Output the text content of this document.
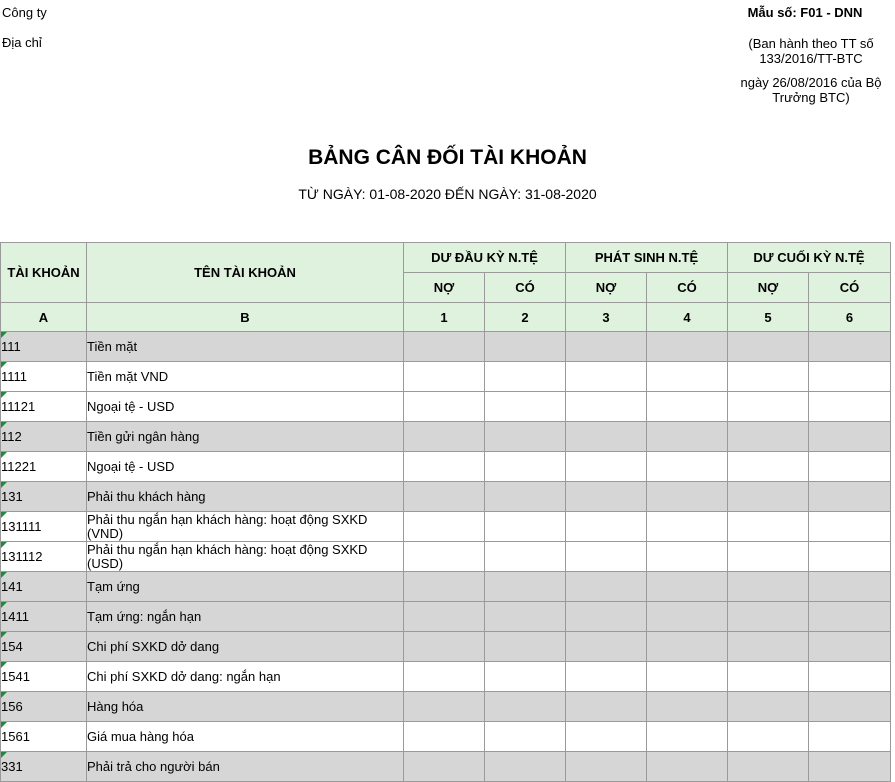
Công ty
Địa chỉ
Mẫu số: F01 - DNN
(Ban hành theo TT số 133/2016/TT-BTC
ngày 26/08/2016 của Bộ Trưởng BTC)
BẢNG CÂN ĐỐI TÀI KHOẢN
TỪ NGÀY: 01-08-2020 ĐẾN NGÀY: 31-08-2020
TÀI KHOẢN	TÊN TÀI KHOẢN	DƯ ĐẦU KỲ N.TỆ		PHÁT SINH N.TỆ		DƯ CUỐI KỲ N.TỆ	
		NỢ	CÓ	NỢ	CÓ	NỢ	CÓ
A	B	1	2	3	4	5	6
111	Tiền mặt						
1111	Tiền mặt VND						
11121	Ngoại tệ - USD						
112	Tiền gửi ngân hàng						
11221	Ngoại tệ - USD						
131	Phải thu khách hàng						
131111	Phải thu ngắn hạn khách hàng: hoạt động SXKD (VND)						
131112	Phải thu ngắn hạn khách hàng: hoạt động SXKD (USD)						
141	Tạm ứng						
1411	Tạm ứng: ngắn hạn						
154	Chi phí SXKD dở dang						
1541	Chi phí SXKD dở dang: ngắn hạn						
156	Hàng hóa						
1561	Giá mua hàng hóa						
331	Phải trả cho người bán						
